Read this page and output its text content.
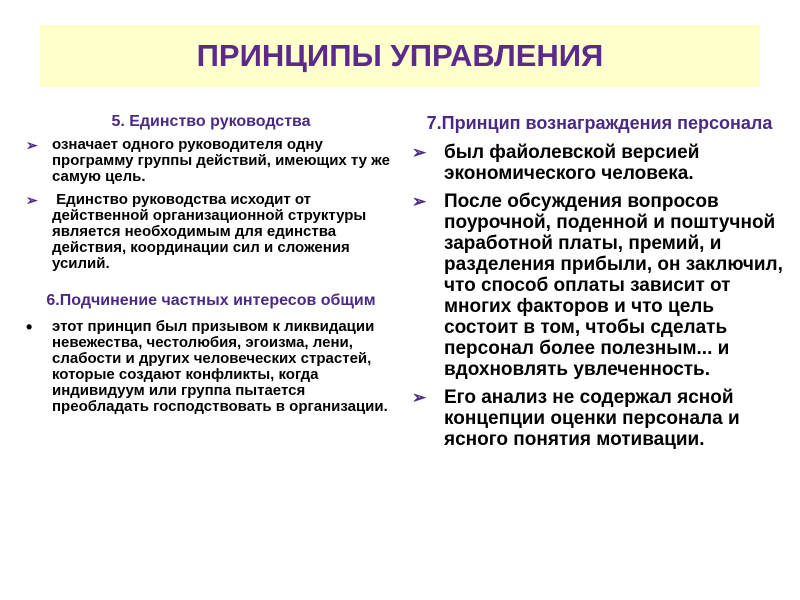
ПРИНЦИПЫ УПРАВЛЕНИЯ
5. Единство руководства
➢ означает одного руководителя одну программу группы действий, имеющих ту же самую цель.
➢ Единство руководства исходит от действенной организационной структуры является необходимым для единства действия, координации сил и сложения усилий.
6.Подчинение частных интересов общим
•	этот принцип был призывом к ликвидации невежества, честолюбия, эгоизма, лени, слабости и других человеческих страстей, которые создают конфликты, когда индивидуум или группа пытается преобладать господствовать в организации.
7.Принцип вознаграждения персонала
➢ был файолевской версией экономического человека.
➢ После обсуждения вопросов поурочной, поденной и поштучной заработной платы, премий, и разделения прибыли, он заключил, что способ оплаты зависит от многих факторов и что цель состоит в том, чтобы сделать персонал более полезным... и вдохновлять увлеченность.
➢ Его анализ не содержал ясной концепции оценки персонала и ясного понятия мотивации.
